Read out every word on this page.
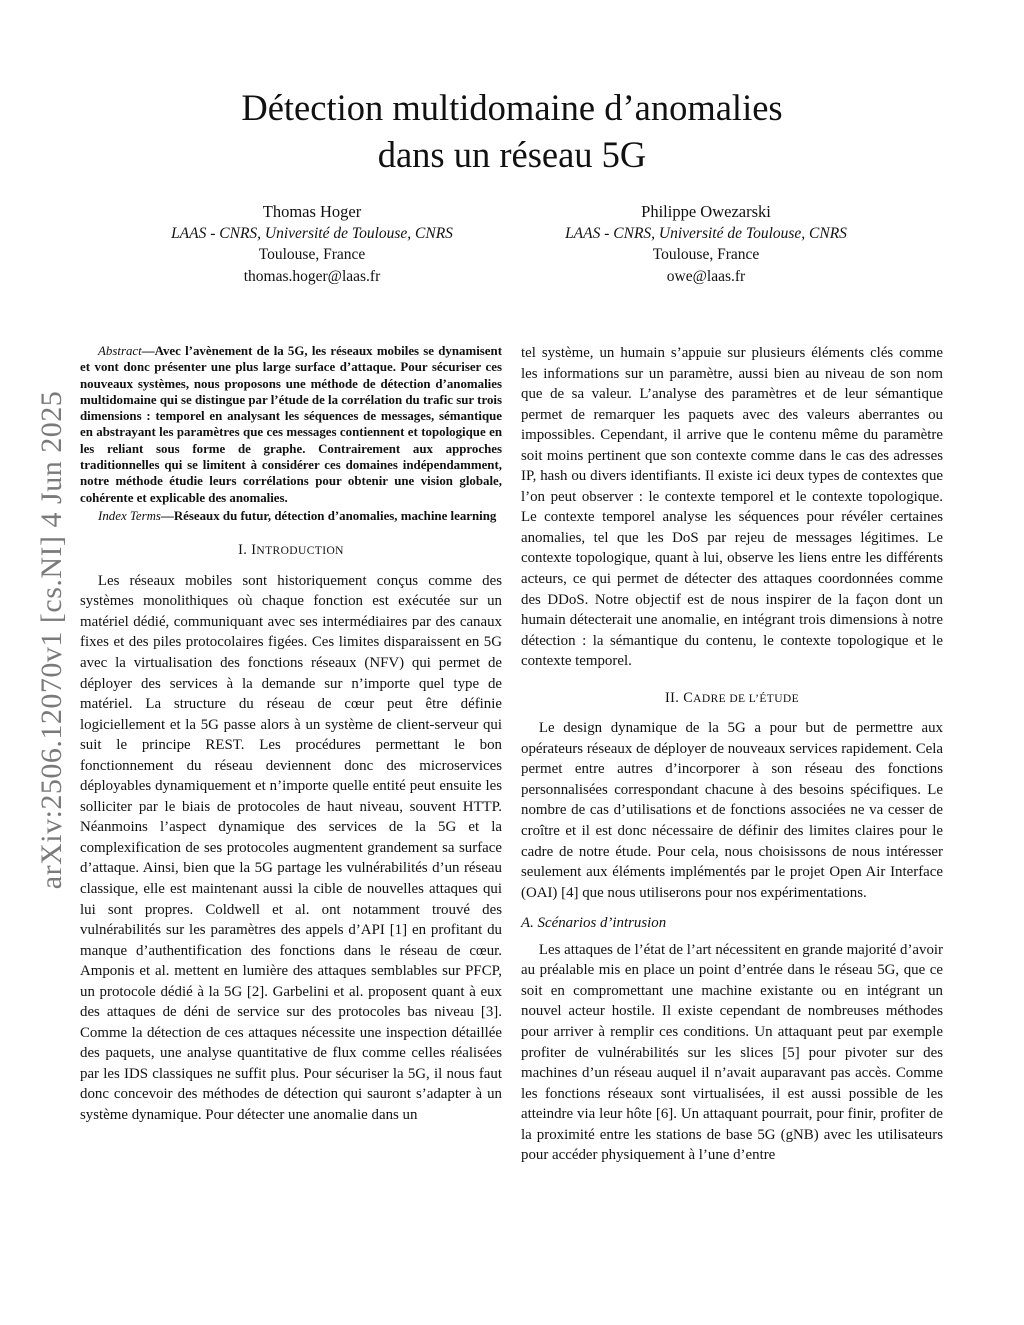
arXiv:2506.12070v1 [cs.NI] 4 Jun 2025
Détection multidomaine d’anomalies
dans un réseau 5G
Thomas Hoger
LAAS - CNRS, Université de Toulouse, CNRS
Toulouse, France
thomas.hoger@laas.fr
Philippe Owezarski
LAAS - CNRS, Université de Toulouse, CNRS
Toulouse, France
owe@laas.fr

Abstract—Avec l’avènement de la 5G, les réseaux mobiles se dynamisent et vont donc présenter une plus large surface d’attaque. Pour sécuriser ces nouveaux systèmes, nous proposons une méthode de détection d’anomalies multidomaine qui se distingue par l’étude de la corrélation du trafic sur trois dimensions : temporel en analysant les séquences de messages, sémantique en abstrayant les paramètres que ces messages contiennent et topologique en les reliant sous forme de graphe. Contrairement aux approches traditionnelles qui se limitent à considérer ces domaines indépendamment, notre méthode étudie leurs corrélations pour obtenir une vision globale, cohérente et explicable des anomalies.

Index Terms—Réseaux du futur, détection d’anomalies, machine learning

I. INTRODUCTION

Les réseaux mobiles sont historiquement conçus comme des systèmes monolithiques où chaque fonction est exécutée sur un matériel dédié, communiquant avec ses intermédiaires par des canaux fixes et des piles protocolaires figées. Ces limites disparaissent en 5G avec la virtualisation des fonctions réseaux (NFV) qui permet de déployer des services à la demande sur n’importe quel type de matériel. La structure du réseau de cœur peut être définie logiciellement et la 5G passe alors à un système de client-serveur qui suit le principe REST. Les procédures permettant le bon fonctionnement du réseau deviennent donc des microservices déployables dynamiquement et n’importe quelle entité peut ensuite les solliciter par le biais de protocoles de haut niveau, souvent HTTP. Néanmoins l’aspect dynamique des services de la 5G et la complexification de ses protocoles augmentent grandement sa surface d’attaque. Ainsi, bien que la 5G partage les vulnérabilités d’un réseau classique, elle est maintenant aussi la cible de nouvelles attaques qui lui sont propres. Coldwell et al. ont notamment trouvé des vulnérabilités sur les paramètres des appels d’API [1] en profitant du manque d’authentification des fonctions dans le réseau de cœur. Amponis et al. mettent en lumière des attaques semblables sur PFCP, un protocole dédié à la 5G [2]. Garbelini et al. proposent quant à eux des attaques de déni de service sur des protocoles bas niveau [3]. Comme la détection de ces attaques nécessite une inspection détaillée des paquets, une analyse quantitative de flux comme celles réalisées par les IDS classiques ne suffit plus. Pour sécuriser la 5G, il nous faut donc concevoir des méthodes de détection qui sauront s’adapter à un système dynamique. Pour détecter une anomalie dans un

tel système, un humain s’appuie sur plusieurs éléments clés comme les informations sur un paramètre, aussi bien au niveau de son nom que de sa valeur. L’analyse des paramètres et de leur sémantique permet de remarquer les paquets avec des valeurs aberrantes ou impossibles. Cependant, il arrive que le contenu même du paramètre soit moins pertinent que son contexte comme dans le cas des adresses IP, hash ou divers identifiants. Il existe ici deux types de contextes que l’on peut observer : le contexte temporel et le contexte topologique. Le contexte temporel analyse les séquences pour révéler certaines anomalies, tel que les DoS par rejeu de messages légitimes. Le contexte topologique, quant à lui, observe les liens entre les différents acteurs, ce qui permet de détecter des attaques coordonnées comme des DDoS. Notre objectif est de nous inspirer de la façon dont un humain détecterait une anomalie, en intégrant trois dimensions à notre détection : la sémantique du contenu, le contexte topologique et le contexte temporel.

II. CADRE DE L’ÉTUDE

Le design dynamique de la 5G a pour but de permettre aux opérateurs réseaux de déployer de nouveaux services rapidement. Cela permet entre autres d’incorporer à son réseau des fonctions personnalisées correspondant chacune à des besoins spécifiques. Le nombre de cas d’utilisations et de fonctions associées ne va cesser de croître et il est donc nécessaire de définir des limites claires pour le cadre de notre étude. Pour cela, nous choisissons de nous intéresser seulement aux éléments implémentés par le projet Open Air Interface (OAI) [4] que nous utiliserons pour nos expérimentations.

A. Scénarios d’intrusion

Les attaques de l’état de l’art nécessitent en grande majorité d’avoir au préalable mis en place un point d’entrée dans le réseau 5G, que ce soit en compromettant une machine existante ou en intégrant un nouvel acteur hostile. Il existe cependant de nombreuses méthodes pour arriver à remplir ces conditions. Un attaquant peut par exemple profiter de vulnérabilités sur les slices [5] pour pivoter sur des machines d’un réseau auquel il n’avait auparavant pas accès. Comme les fonctions réseaux sont virtualisées, il est aussi possible de les atteindre via leur hôte [6]. Un attaquant pourrait, pour finir, profiter de la proximité entre les stations de base 5G (gNB) avec les utilisateurs pour accéder physiquement à l’une d’entre
